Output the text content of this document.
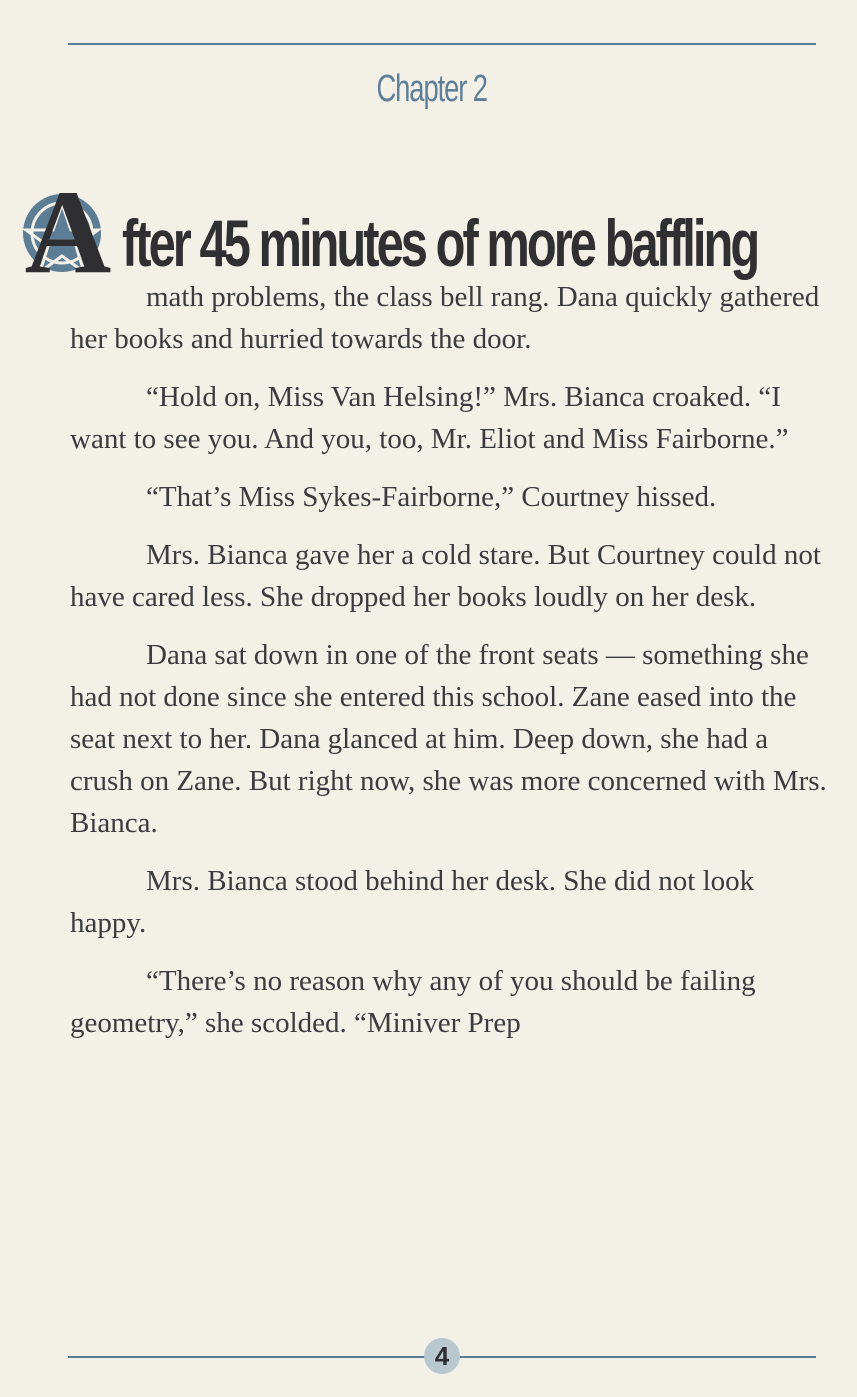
Chapter 2
A fter 45 minutes of more baffling

math problems, the class bell rang. Dana quickly gathered her books and hurried towards the door.

“Hold on, Miss Van Helsing!” Mrs. Bianca croaked. “I want to see you. And you, too, Mr. Eliot and Miss Fairborne.”

“That’s Miss Sykes-Fairborne,” Courtney hissed.

Mrs. Bianca gave her a cold stare. But Courtney could not have cared less. She dropped her books loudly on her desk.

Dana sat down in one of the front seats — something she had not done since she entered this school. Zane eased into the seat next to her. Dana glanced at him. Deep down, she had a crush on Zane. But right now, she was more concerned with Mrs. Bianca.

Mrs. Bianca stood behind her desk. She did not look happy.

“There’s no reason why any of you should be failing geometry,” she scolded. “Miniver Prep

4
